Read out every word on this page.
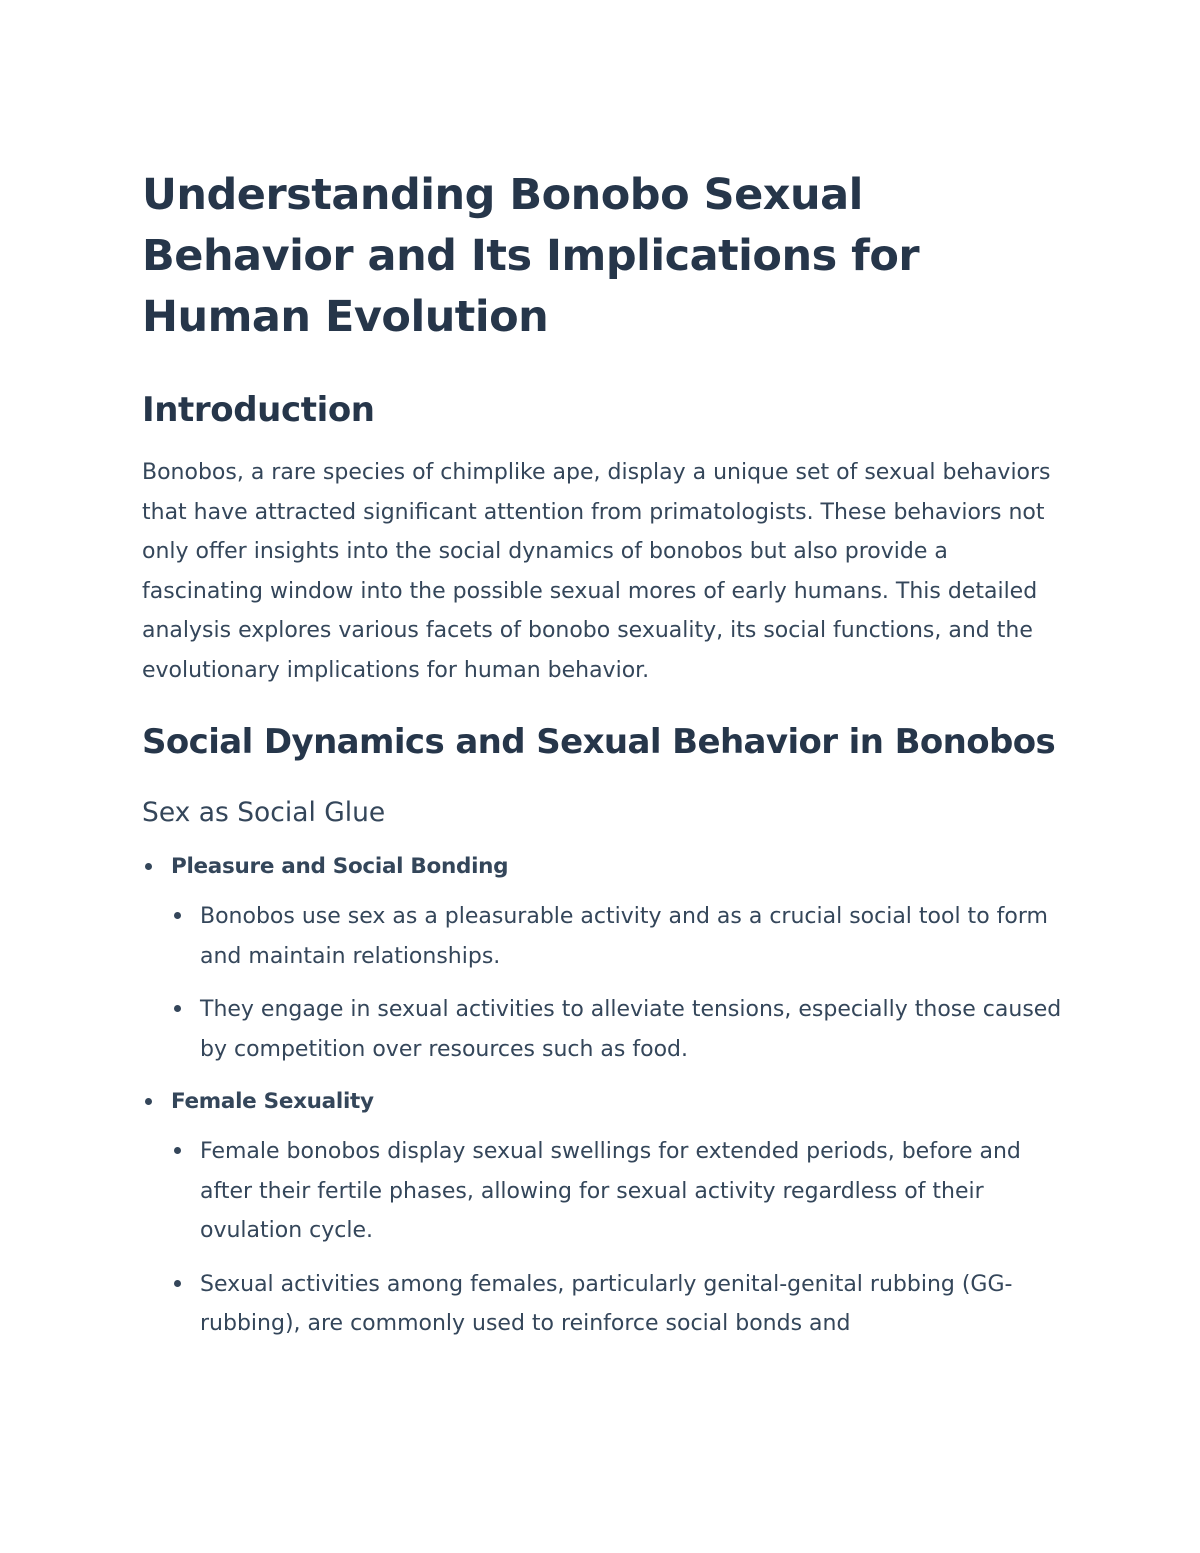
Understanding Bonobo Sexual Behavior and Its Implications for Human Evolution
Introduction

Bonobos, a rare species of chimplike ape, display a unique set of sexual behaviors that have attracted significant attention from primatologists. These behaviors not only offer insights into the social dynamics of bonobos but also provide a fascinating window into the possible sexual mores of early humans. This detailed analysis explores various facets of bonobo sexuality, its social functions, and the evolutionary implications for human behavior.

Social Dynamics and Sexual Behavior in Bonobos
Sex as Social Glue
Pleasure and Social Bonding
Bonobos use sex as a pleasurable activity and as a crucial social tool to form and maintain relationships.
They engage in sexual activities to alleviate tensions, especially those caused by competition over resources such as food.
Female Sexuality
Female bonobos display sexual swellings for extended periods, before and after their fertile phases, allowing for sexual activity regardless of their ovulation cycle.
Sexual activities among females, particularly genital-genital rubbing (GG-rubbing), are commonly used to reinforce social bonds and
